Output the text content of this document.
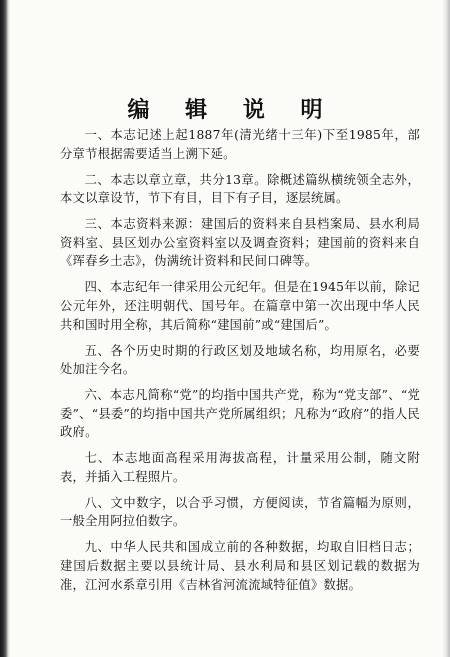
编 辑 说 明

一、本志记述上起1887年(清光绪十三年)下至1985年，部分章节根据需要适当上溯下延。

二、本志以章立章，共分13章。除概述篇纵横统领全志外，本文以章设节，节下有目，目下有子目，逐层统属。

三、本志资料来源：建国后的资料来自县档案局、县水利局资料室、县区划办公室资料室以及调查资料；建国前的资料来自《珲春乡土志》，伪满统计资料和民间口碑等。

四、本志纪年一律采用公元纪年。但是在1945年以前，除记公元年外，还注明朝代、国号年。在篇章中第一次出现中华人民共和国时用全称，其后简称“建国前”或“建国后”。

五、各个历史时期的行政区划及地域名称，均用原名，必要处加注今名。

六、本志凡简称“党”的均指中国共产党，称为“党支部”、“党委”、“县委”的均指中国共产党所属组织；凡称为“政府”的指人民政府。

七、本志地面高程采用海拔高程，计量采用公制，随文附表，并插入工程照片。

八、文中数字，以合乎习惯，方便阅读，节省篇幅为原则，一般全用阿拉伯数字。

九、中华人民共和国成立前的各种数据，均取自旧档日志；建国后数据主要以县统计局、县水利局和县区划记载的数据为准，江河水系章引用《吉林省河流流域特征值》数据。
